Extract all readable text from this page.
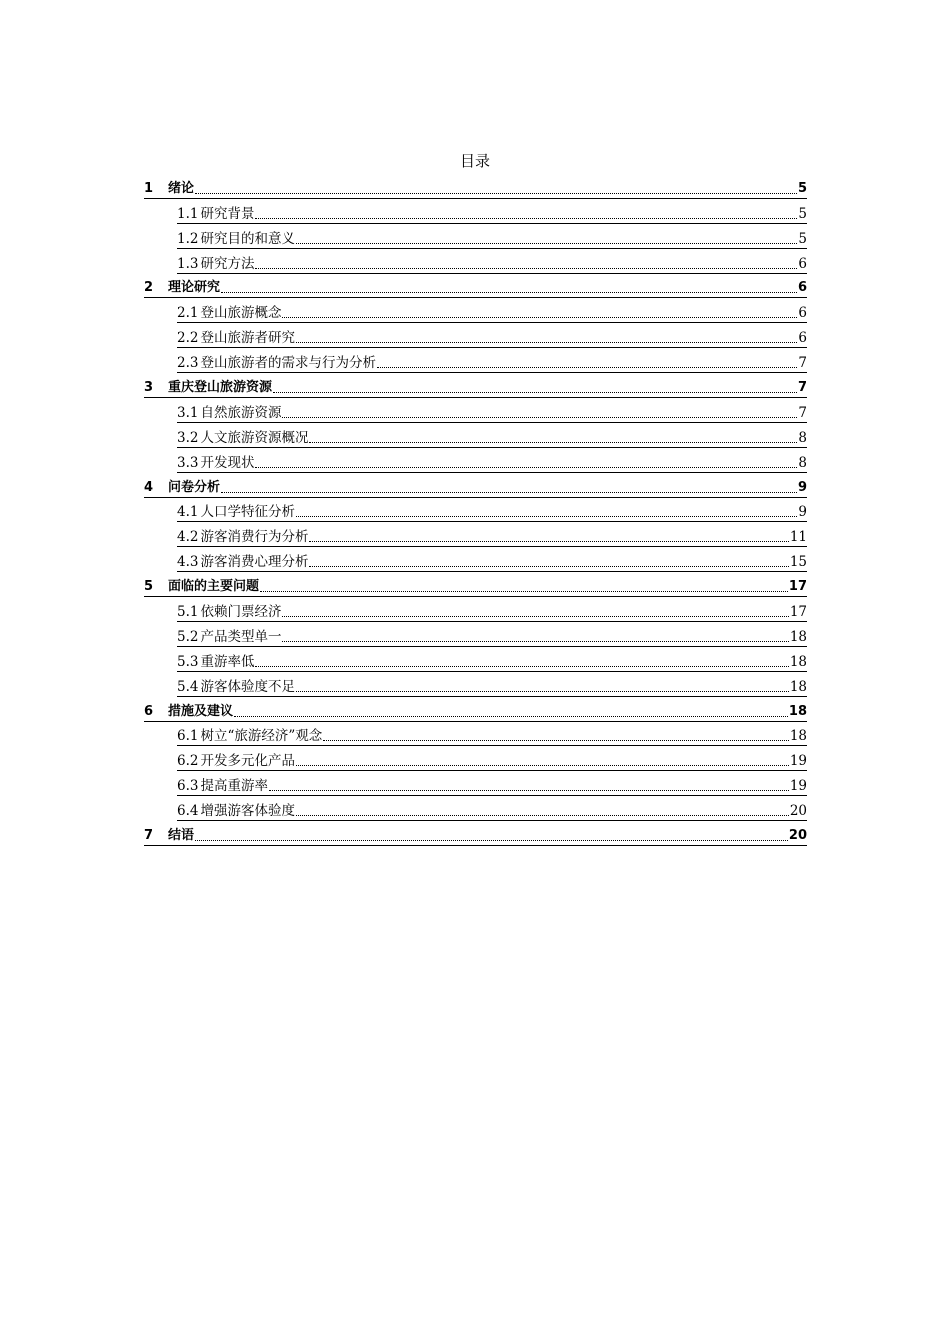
目录
1	绪论	5
1.1 研究背景	5
1.2 研究目的和意义	5
1.3 研究方法	6
2	理论研究	6
2.1 登山旅游概念	6
2.2 登山旅游者研究	6
2.3 登山旅游者的需求与行为分析	7
3	重庆登山旅游资源	7
3.1 自然旅游资源	7
3.2 人文旅游资源概况	8
3.3 开发现状	8
4	问卷分析	9
4.1 人口学特征分析	9
4.2 游客消费行为分析	11
4.3 游客消费心理分析	15
5	面临的主要问题	17
5.1 依赖门票经济	17
5.2 产品类型单一	18
5.3 重游率低	18
5.4 游客体验度不足	18
6	措施及建议	18
6.1 树立“旅游经济”观念	18
6.2 开发多元化产品	19
6.3 提高重游率	19
6.4 增强游客体验度	20
7	结语	20
